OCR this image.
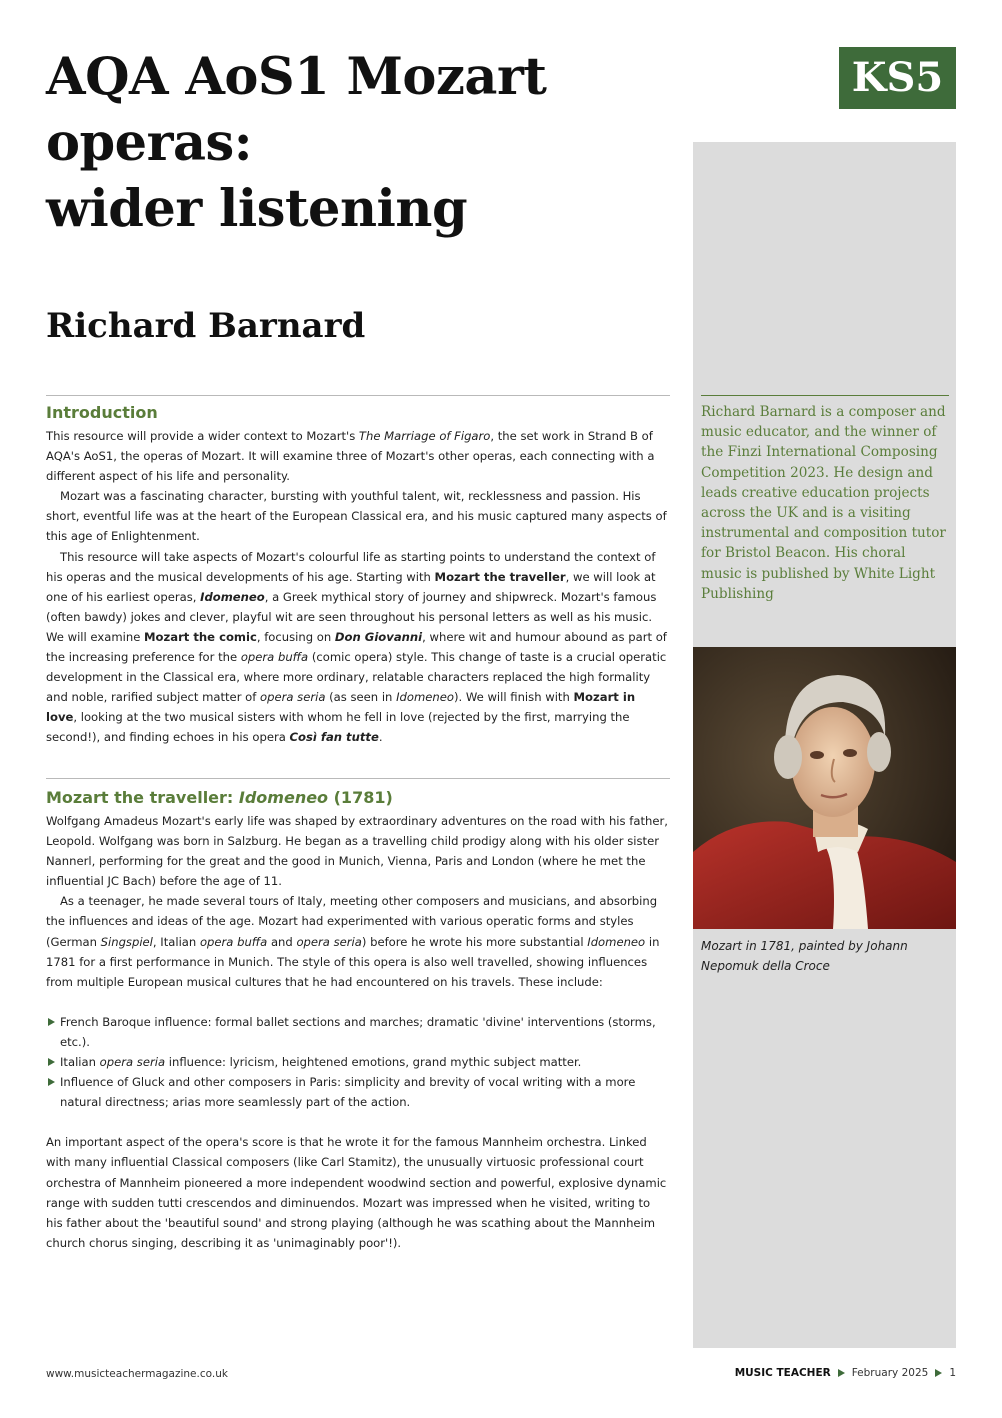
AQA AoS1 Mozart
operas:
wider listening
Richard Barnard
KS5
Richard Barnard is a composer and music educator, and the winner of the Finzi International Composing Competition 2023. He design and leads creative education projects across the UK and is a visiting instrumental and composition tutor for Bristol Beacon. His choral music is published by White Light Publishing
Mozart in 1781, painted by Johann Nepomuk della Croce
Introduction

This resource will provide a wider context to Mozart's The Marriage of Figaro, the set work in Strand B of AQA's AoS1, the operas of Mozart. It will examine three of Mozart's other operas, each connecting with a different aspect of his life and personality.

Mozart was a fascinating character, bursting with youthful talent, wit, recklessness and passion. His short, eventful life was at the heart of the European Classical era, and his music captured many aspects of this age of Enlightenment.

This resource will take aspects of Mozart's colourful life as starting points to understand the context of his operas and the musical developments of his age. Starting with Mozart the traveller, we will look at one of his earliest operas, Idomeneo, a Greek mythical story of journey and shipwreck. Mozart's famous (often bawdy) jokes and clever, playful wit are seen throughout his personal letters as well as his music. We will examine Mozart the comic, focusing on Don Giovanni, where wit and humour abound as part of the increasing preference for the opera buffa (comic opera) style. This change of taste is a crucial operatic development in the Classical era, where more ordinary, relatable characters replaced the high formality and noble, rarified subject matter of opera seria (as seen in Idomeneo). We will finish with Mozart in love, looking at the two musical sisters with whom he fell in love (rejected by the first, marrying the second!), and finding echoes in his opera Così fan tutte.

Mozart the traveller: Idomeneo (1781)

Wolfgang Amadeus Mozart's early life was shaped by extraordinary adventures on the road with his father, Leopold. Wolfgang was born in Salzburg. He began as a travelling child prodigy along with his older sister Nannerl, performing for the great and the good in Munich, Vienna, Paris and London (where he met the influential JC Bach) before the age of 11.

As a teenager, he made several tours of Italy, meeting other composers and musicians, and absorbing the influences and ideas of the age. Mozart had experimented with various operatic forms and styles (German Singspiel, Italian opera buffa and opera seria) before he wrote his more substantial Idomeneo in 1781 for a first performance in Munich. The style of this opera is also well travelled, showing influences from multiple European musical cultures that he had encountered on his travels. These include:

French Baroque influence: formal ballet sections and marches; dramatic 'divine' interventions (storms, etc.).
Italian opera seria influence: lyricism, heightened emotions, grand mythic subject matter.
Influence of Gluck and other composers in Paris: simplicity and brevity of vocal writing with a more natural directness; arias more seamlessly part of the action.

An important aspect of the opera's score is that he wrote it for the famous Mannheim orchestra. Linked with many influential Classical composers (like Carl Stamitz), the unusually virtuosic professional court orchestra of Mannheim pioneered a more independent woodwind section and powerful, explosive dynamic range with sudden tutti crescendos and diminuendos. Mozart was impressed when he visited, writing to his father about the 'beautiful sound' and strong playing (although he was scathing about the Mannheim church chorus singing, describing it as 'unimaginably poor'!).

www.musicteachermagazine.co.uk	MUSIC TEACHER February 2025 1
